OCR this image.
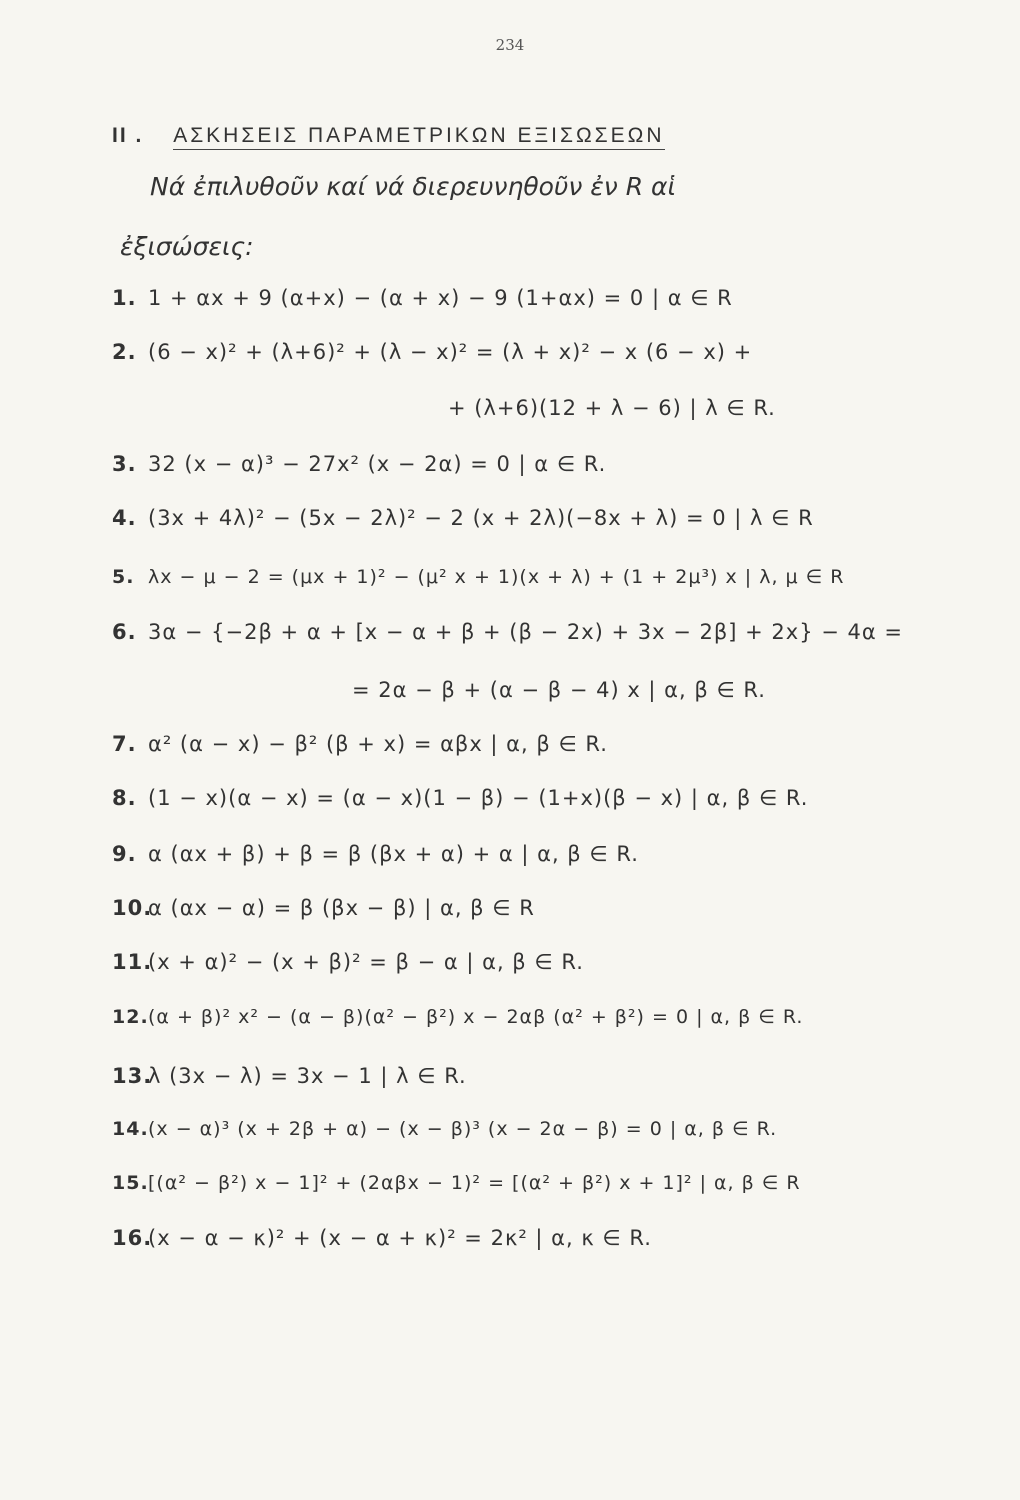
234
II . ΑΣΚΗΣΕΙΣ ΠΑΡΑΜΕΤΡΙΚΩΝ ΕΞΙΣΩΣΕΩΝ
Νά ἐπιλυθοῦν καί νά διερευνηθοῦν ἐν R αἱ
ἐξισώσεις:
1. 1 + αx + 9 (α+x) − (α + x) − 9 (1+αx) = 0 | α ∈ R
2. (6 − x)² + (λ+6)² + (λ − x)² = (λ + x)² − x (6 − x) +
+ (λ+6)(12 + λ − 6) | λ ∈ R.
3. 32 (x − α)³ − 27x² (x − 2α) = 0 | α ∈ R.
4. (3x + 4λ)² − (5x − 2λ)² − 2 (x + 2λ)(−8x + λ) = 0 | λ ∈ R
5. λx − μ − 2 = (μx + 1)² − (μ² x + 1)(x + λ) + (1 + 2μ³) x | λ, μ ∈ R
6. 3α − {−2β + α + [x − α + β + (β − 2x) + 3x − 2β] + 2x} − 4α =
= 2α − β + (α − β − 4) x | α, β ∈ R.
7. α² (α − x) − β² (β + x) = αβx | α, β ∈ R.
8. (1 − x)(α − x) = (α − x)(1 − β) − (1+x)(β − x) | α, β ∈ R.
9. α (αx + β) + β = β (βx + α) + α | α, β ∈ R.
10.α (αx − α) = β (βx − β) | α, β ∈ R
11.(x + α)² − (x + β)² = β − α | α, β ∈ R.
12.(α + β)² x² − (α − β)(α² − β²) x − 2αβ (α² + β²) = 0 | α, β ∈ R.
13.λ (3x − λ) = 3x − 1 | λ ∈ R.
14.(x − α)³ (x + 2β + α) − (x − β)³ (x − 2α − β) = 0 | α, β ∈ R.
15.[(α² − β²) x − 1]² + (2αβx − 1)² = [(α² + β²) x + 1]² | α, β ∈ R
16.(x − α − κ)² + (x − α + κ)² = 2κ² | α, κ ∈ R.
